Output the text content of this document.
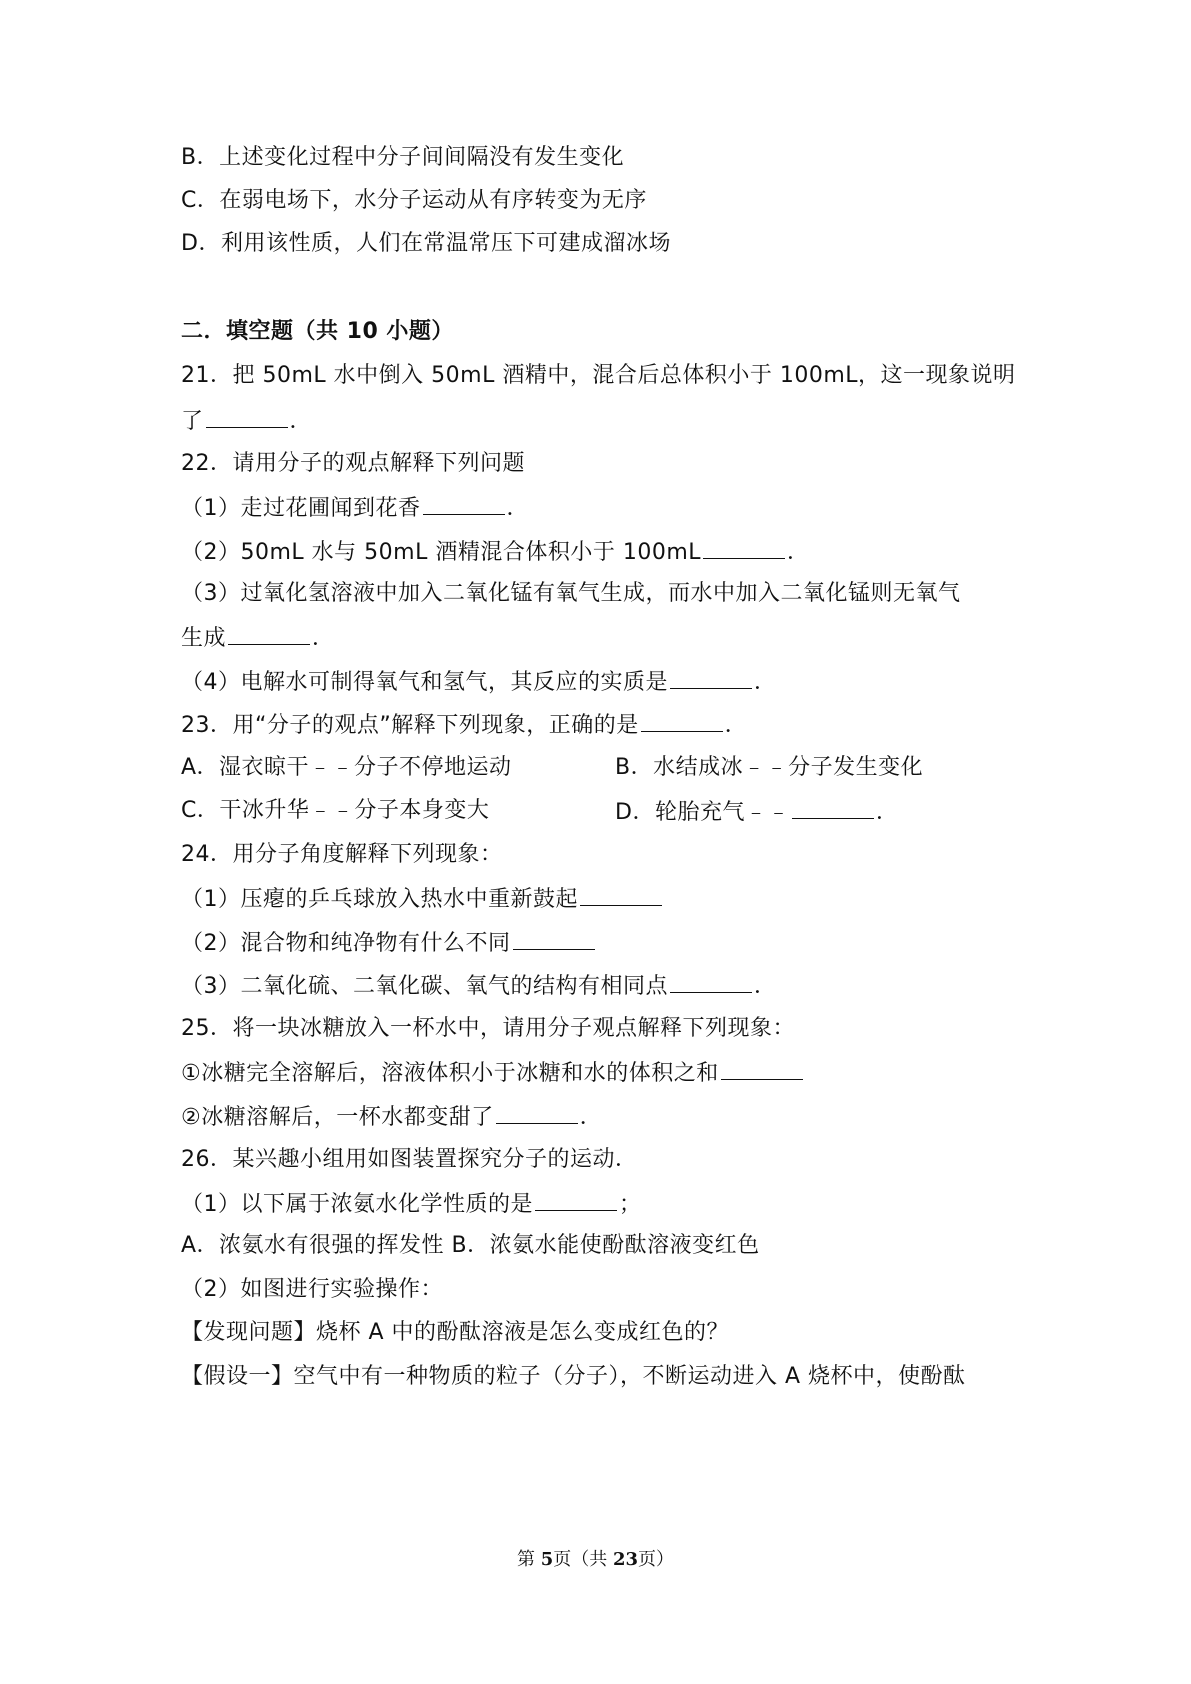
B．上述变化过程中分子间间隔没有发生变化
C．在弱电场下，水分子运动从有序转变为无序
D．利用该性质，人们在常温常压下可建成溜冰场
二．填空题（共 10 小题）
21．把 50mL 水中倒入 50mL 酒精中，混合后总体积小于 100mL，这一现象说明
了	．
22．请用分子的观点解释下列问题
（1）走过花圃闻到花香	．
（2）50mL 水与 50mL 酒精混合体积小于 100mL	．
（3）过氧化氢溶液中加入二氧化锰有氧气生成，而水中加入二氧化锰则无氧气
生成	．
（4）电解水可制得氧气和氢气，其反应的实质是	．
23．用“分子的观点”解释下列现象，正确的是	．
A．湿衣晾干﹣﹣分子不停地运动	B．水结成冰﹣﹣分子发生变化
C．干冰升华﹣﹣分子本身变大	D．轮胎充气﹣﹣	．
24．用分子角度解释下列现象：
（1）压瘪的乒乓球放入热水中重新鼓起
（2）混合物和纯净物有什么不同
（3）二氧化硫、二氧化碳、氧气的结构有相同点	．
25．将一块冰糖放入一杯水中，请用分子观点解释下列现象：
①冰糖完全溶解后，溶液体积小于冰糖和水的体积之和
②冰糖溶解后，一杯水都变甜了	．
26．某兴趣小组用如图装置探究分子的运动．
（1）以下属于浓氨水化学性质的是	；
A．浓氨水有很强的挥发性 B．浓氨水能使酚酞溶液变红色
（2）如图进行实验操作：
【发现问题】烧杯 A 中的酚酞溶液是怎么变成红色的？
【假设一】空气中有一种物质的粒子（分子），不断运动进入 A 烧杯中，使酚酞
第 5页（共 23页）
